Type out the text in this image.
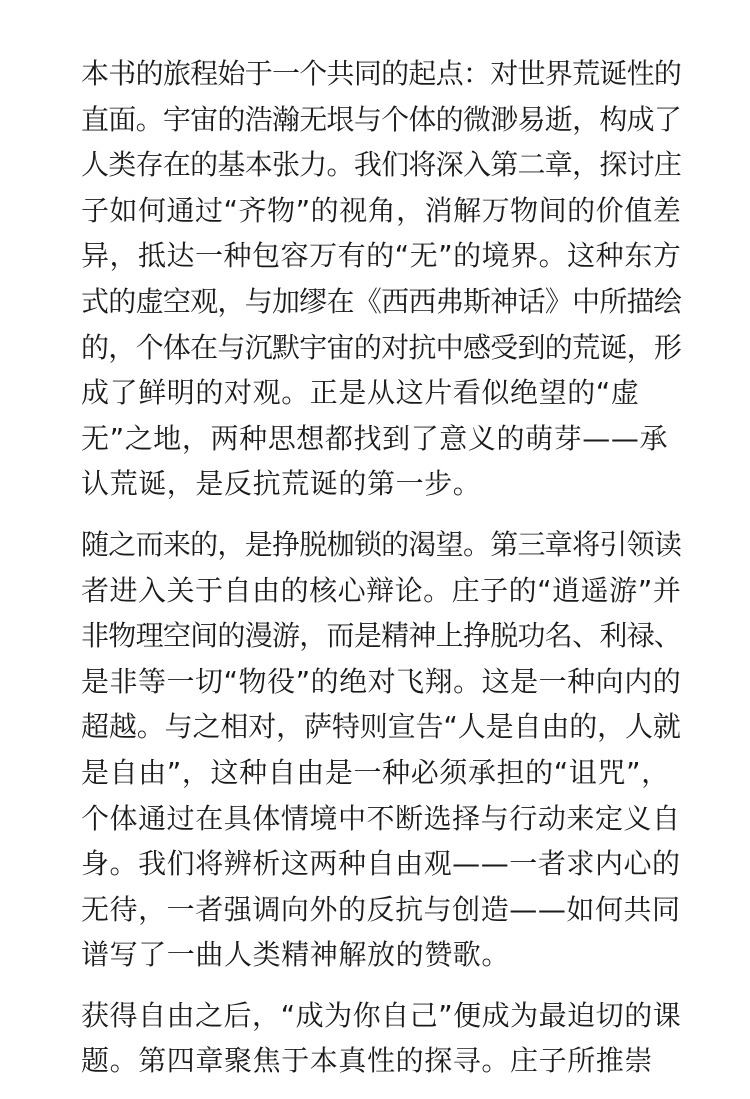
本书的旅程始于一个共同的起点：对世界荒诞性的
直面。宇宙的浩瀚无垠与个体的微渺易逝，构成了
人类存在的基本张力。我们将深入第二章，探讨庄
子如何通过“齐物”的视角，消解万物间的价值差
异，抵达一种包容万有的“无”的境界。这种东方
式的虚空观，与加缪在《西西弗斯神话》中所描绘
的，个体在与沉默宇宙的对抗中感受到的荒诞，形
成了鲜明的对观。正是从这片看似绝望的“虚
无”之地，两种思想都找到了意义的萌芽——承
认荒诞，是反抗荒诞的第一步。

随之而来的，是挣脱枷锁的渴望。第三章将引领读
者进入关于自由的核心辩论。庄子的“逍遥游”并
非物理空间的漫游，而是精神上挣脱功名、利禄、
是非等一切“物役”的绝对飞翔。这是一种向内的
超越。与之相对，萨特则宣告“人是自由的，人就
是自由”，这种自由是一种必须承担的“诅咒”，
个体通过在具体情境中不断选择与行动来定义自
身。我们将辨析这两种自由观——一者求内心的
无待，一者强调向外的反抗与创造——如何共同
谱写了一曲人类精神解放的赞歌。

获得自由之后，“成为你自己”便成为最迫切的课
题。第四章聚焦于本真性的探寻。庄子所推崇
